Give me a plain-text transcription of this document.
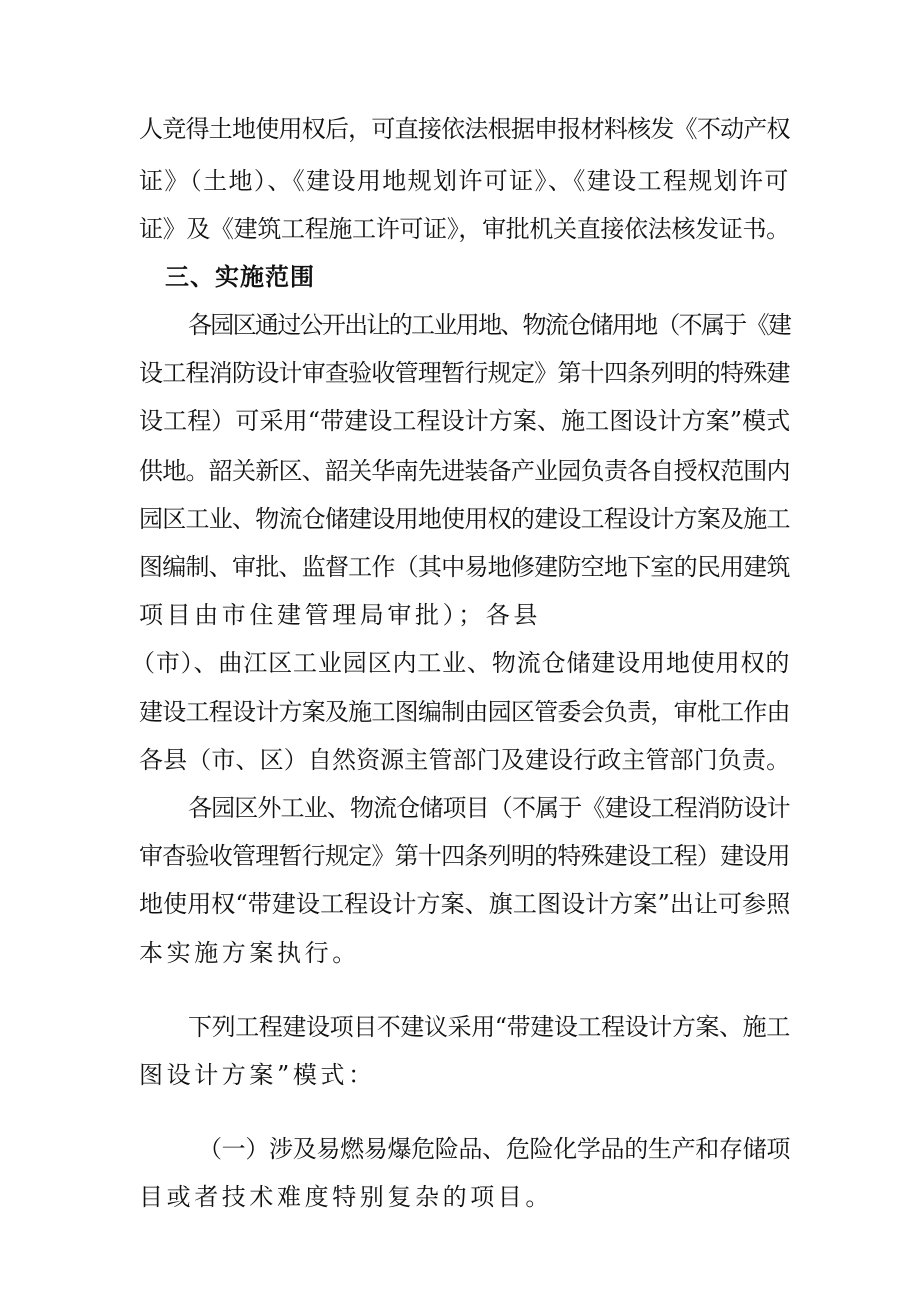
人竞得土地使用权后，可直接依法根据申报材料核发《不动产权
证》（土地）、《建设用地规划许可证》、《建设工程规划许可
证》及《建筑工程施工许可证》，审批机关直接依法核发证书。
三、实施范围
各园区通过公开出让的工业用地、物流仓储用地（不属于《建
设工程消防设计审查验收管理暂行规定》第十四条列明的特殊建
设工程）可采用“带建设工程设计方案、施工图设计方案”模式
供地。韶关新区、韶关华南先进装备产业园负责各自授权范围内
园区工业、物流仓储建设用地使用权的建设工程设计方案及施工
图编制、审批、监督工作（其中易地修建防空地下室的民用建筑
项目由市住建管理局审批）；各县
（市）、曲江区工业园区内工业、物流仓储建设用地使用权的
建设工程设计方案及施工图编制由园区管委会负责，审枇工作由
各县（市、区）自然资源主管部门及建设行政主管部门负责。
各园区外工业、物流仓储项目（不属于《建设工程消防设计
审杳验收管理暂行规定》第十四条列明的特殊建设工程）建设用
地使用权“带建设工程设计方案、旗工图设计方案”出让可参照
本实施方案执行。
下列工程建设项目不建议采用“带建设工程设计方案、施工
图设计方案”模式：
（一）涉及易燃易爆危险品、危险化学品的生产和存储项
目或者技术难度特别复杂的项目。
